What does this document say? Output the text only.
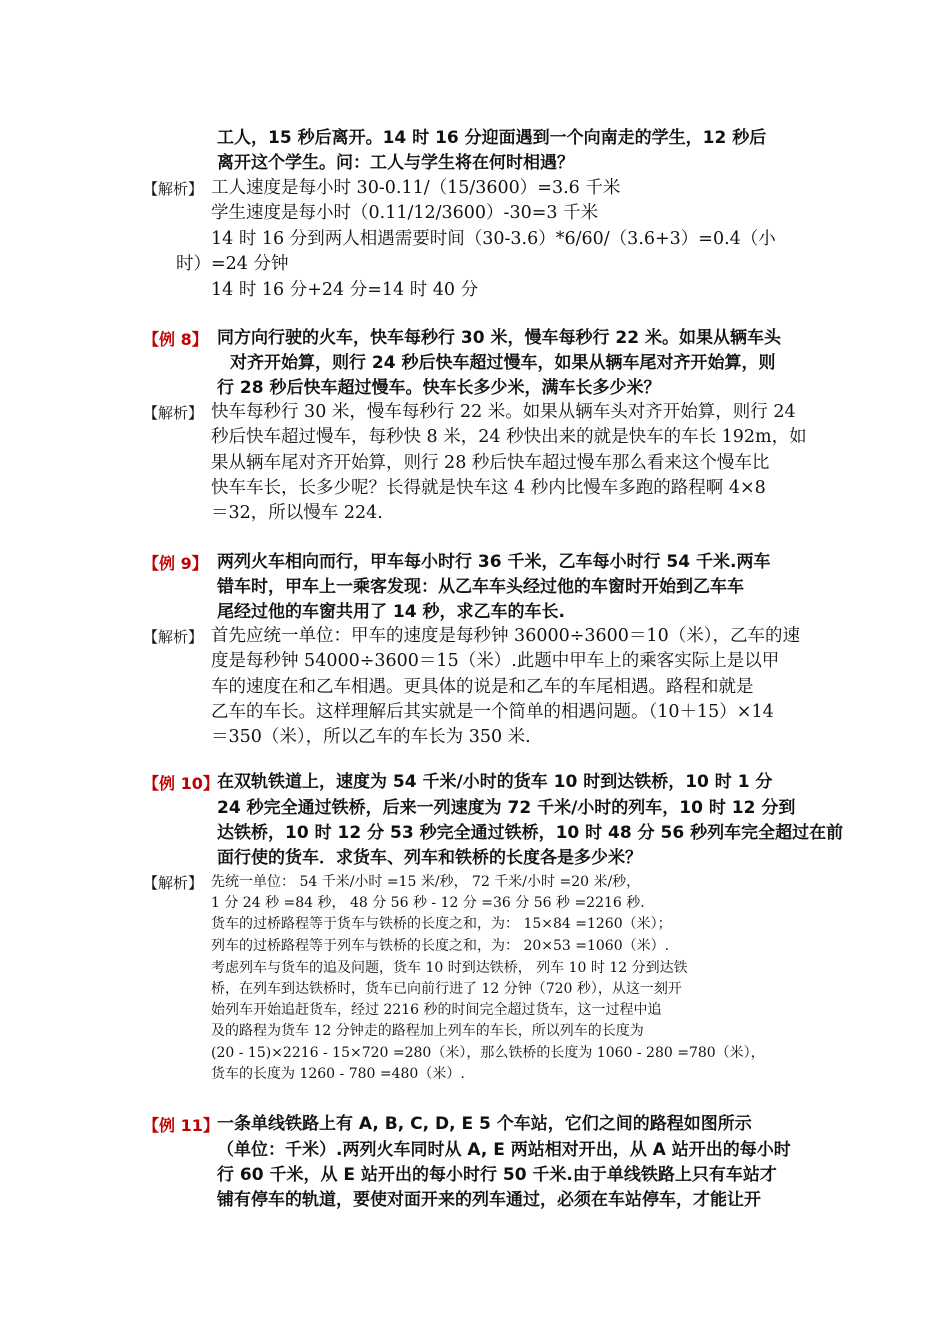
工人，15 秒后离开。14 时 16 分迎面遇到一个向南走的学生，12 秒后
离开这个学生。问：工人与学生将在何时相遇？
【解析】 工人速度是每小时 30-0.11/（15/3600）=3.6 千米
学生速度是每小时（0.11/12/3600）-30=3 千米
14 时 16 分到两人相遇需要时间（30-3.6）*6/60/（3.6+3）=0.4（小
时）=24 分钟
14 时 16 分+24 分=14 时 40 分
【例 8】 同方向行驶的火车，快车每秒行 30 米，慢车每秒行 22 米。如果从辆车头
对齐开始算，则行 24 秒后快车超过慢车，如果从辆车尾对齐开始算，则
行 28 秒后快车超过慢车。快车长多少米，满车长多少米？
【解析】 快车每秒行 30 米，慢车每秒行 22 米。如果从辆车头对齐开始算，则行 24
秒后快车超过慢车，每秒快 8 米，24 秒快出来的就是快车的车长 192m，如
果从辆车尾对齐开始算，则行 28 秒后快车超过慢车那么看来这个慢车比
快车车长，长多少呢？长得就是快车这 4 秒内比慢车多跑的路程啊 4×8
＝32，所以慢车 224.
【例 9】 两列火车相向而行，甲车每小时行 36 千米，乙车每小时行 54 千米.两车
错车时，甲车上一乘客发现：从乙车车头经过他的车窗时开始到乙车车
尾经过他的车窗共用了 14 秒，求乙车的车长.
【解析】 首先应统一单位：甲车的速度是每秒钟 36000÷3600＝10（米），乙车的速
度是每秒钟 54000÷3600＝15（米）.此题中甲车上的乘客实际上是以甲
车的速度在和乙车相遇。更具体的说是和乙车的车尾相遇。路程和就是
乙车的车长。这样理解后其实就是一个简单的相遇问题。（10＋15）×14
＝350（米），所以乙车的车长为 350 米.
【例 10】
在双轨铁道上，速度为 54 千米/小时的货车 10 时到达铁桥，10 时 1 分
24 秒完全通过铁桥，后来一列速度为 72 千米/小时的列车，10 时 12 分到
达铁桥，10 时 12 分 53 秒完全通过铁桥，10 时 48 分 56 秒列车完全超过在前
面行使的货车．求货车、列车和铁桥的长度各是多少米？
【解析】 先统一单位： 54 千米/小时 =15 米/秒， 72 千米/小时 =20 米/秒，
1 分 24 秒 =84 秒， 48 分 56 秒 - 12 分 =36 分 56 秒 =2216 秒.
货车的过桥路程等于货车与铁桥的长度之和，为： 15×84 =1260（米）；
列车的过桥路程等于列车与铁桥的长度之和，为： 20×53 =1060（米）.
考虑列车与货车的追及问题，货车 10 时到达铁桥， 列车 10 时 12 分到达铁
桥，在列车到达铁桥时，货车已向前行进了 12 分钟（720 秒），从这一刻开
始列车开始追赶货车，经过 2216 秒的时间完全超过货车，这一过程中追
及的路程为货车 12 分钟走的路程加上列车的车长，所以列车的长度为
(20 - 15)×2216 - 15×720 =280（米），那么铁桥的长度为 1060 - 280 =780（米），
货车的长度为 1260 - 780 =480（米）.
【例 11】
一条单线铁路上有 A, B, C, D, E 5 个车站，它们之间的路程如图所示
（单位：千米）.两列火车同时从 A, E 两站相对开出，从 A 站开出的每小时
行 60 千米，从 E 站开出的每小时行 50 千米.由于单线铁路上只有车站才
铺有停车的轨道，要使对面开来的列车通过，必须在车站停车，才能让开
